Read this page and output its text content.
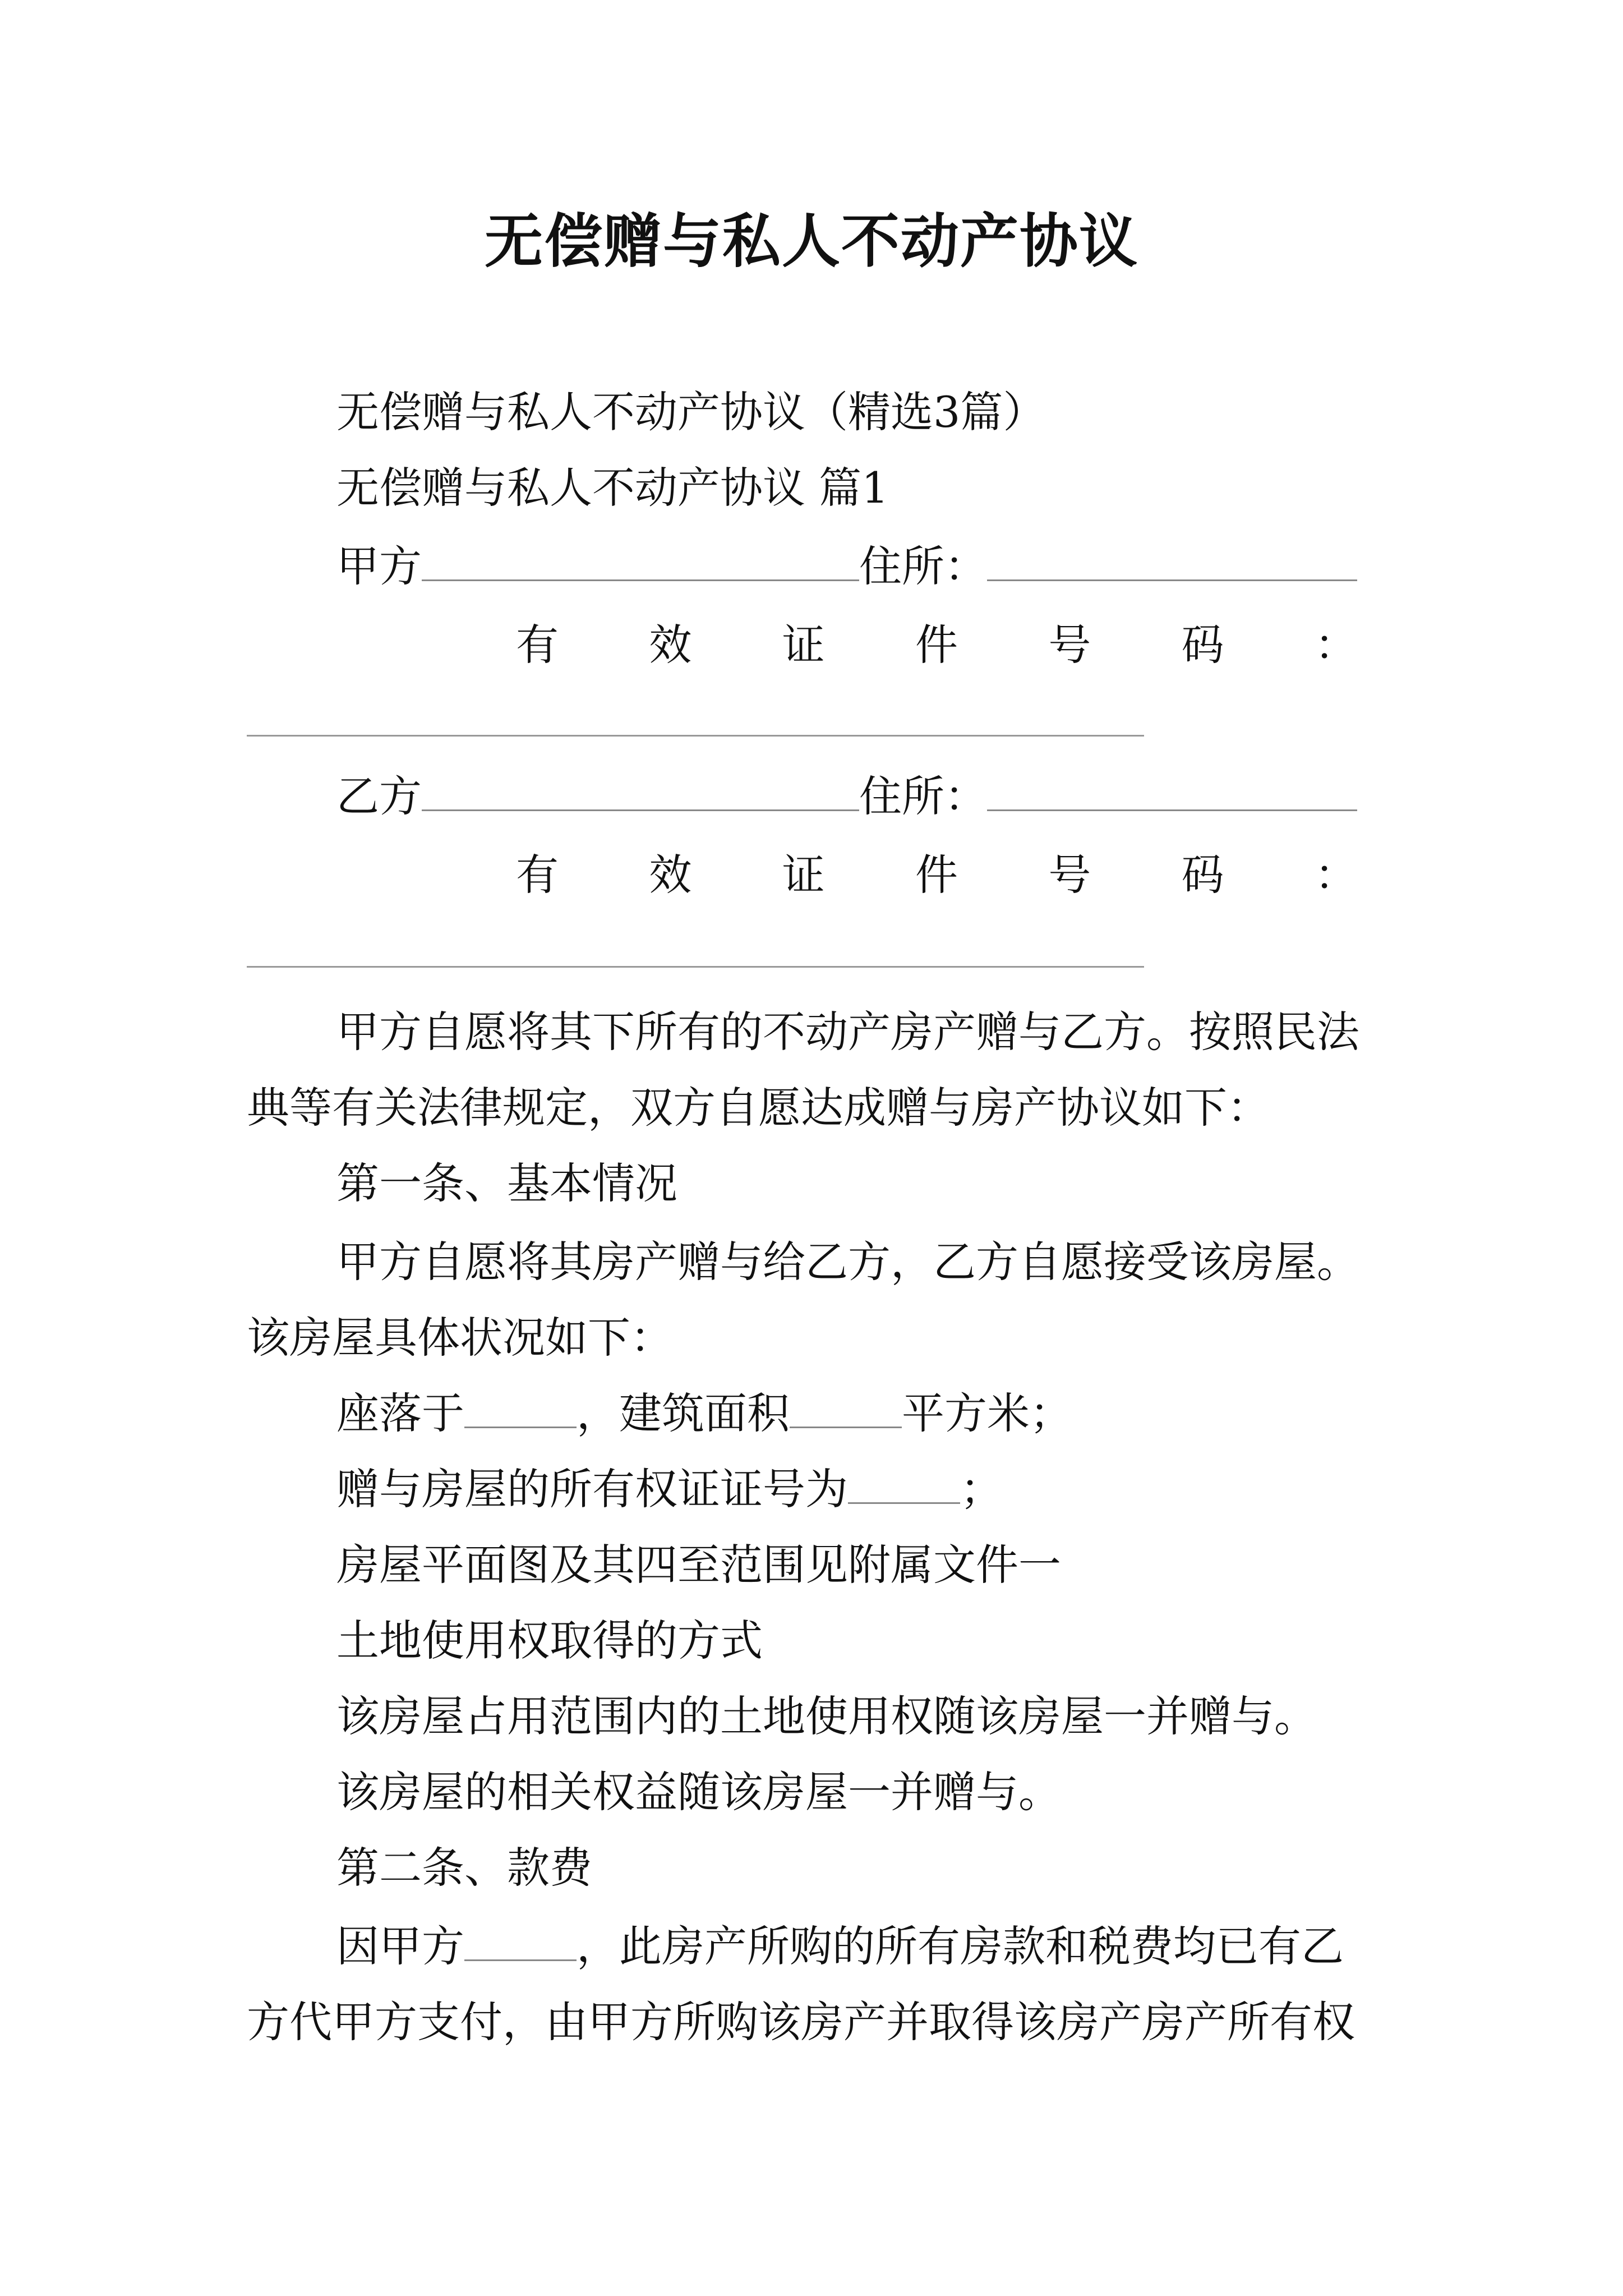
无偿赠与私人不动产协议
无偿赠与私人不动产协议（精选3篇）
无偿赠与私人不动产协议 篇1
甲方	住所：
有 效 证 件 号 码 ：
乙方	住所：
有 效 证 件 号 码 ：
甲方自愿将其下所有的不动产房产赠与乙方。按照民法
典等有关法律规定，双方自愿达成赠与房产协议如下：
第一条、基本情况
甲方自愿将其房产赠与给乙方，乙方自愿接受该房屋。
该房屋具体状况如下：
座落于	，建筑面积	平方米；
赠与房屋的所有权证证号为	；
房屋平面图及其四至范围见附属文件一
土地使用权取得的方式
该房屋占用范围内的土地使用权随该房屋一并赠与。
该房屋的相关权益随该房屋一并赠与。
第二条、款费
因甲方	，此房产所购的所有房款和税费均已有乙
方代甲方支付，由甲方所购该房产并取得该房产房产所有权
